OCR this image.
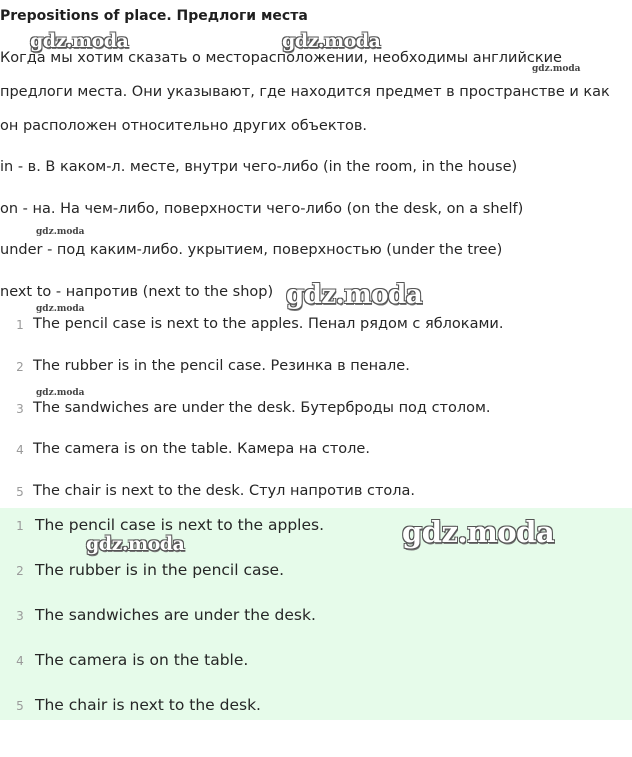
Prepositions of place. Предлоги места
Когда мы хотим сказать о месторасположении, необходимы английские
предлоги места. Они указывают, где находится предмет в пространстве и как
он расположен относительно других объектов.
in - в. В каком-л. месте, внутри чего-либо (in the room, in the house)
on - на. На чем-либо, поверхности чего-либо (on the desk, on a shelf)
under - под каким-либо. укрытием, поверхностью (under the tree)
next to - напротив (next to the shop)
1 The pencil case is next to the apples. Пенал рядом с яблоками.
2 The rubber is in the pencil case. Резинка в пенале.
3 The sandwiches are under the desk. Бутерброды под столом.
4 The camera is on the table. Камера на столе.
5 The chair is next to the desk. Стул напротив стола.
1 The pencil case is next to the apples.
2 The rubber is in the pencil case.
3 The sandwiches are under the desk.
4 The camera is on the table.
5 The chair is next to the desk.
gdz.moda	gdz.moda
gdz.moda
gdz.moda
gdz.moda
gdz.moda
gdz.moda
gdz.moda
gdz.moda
